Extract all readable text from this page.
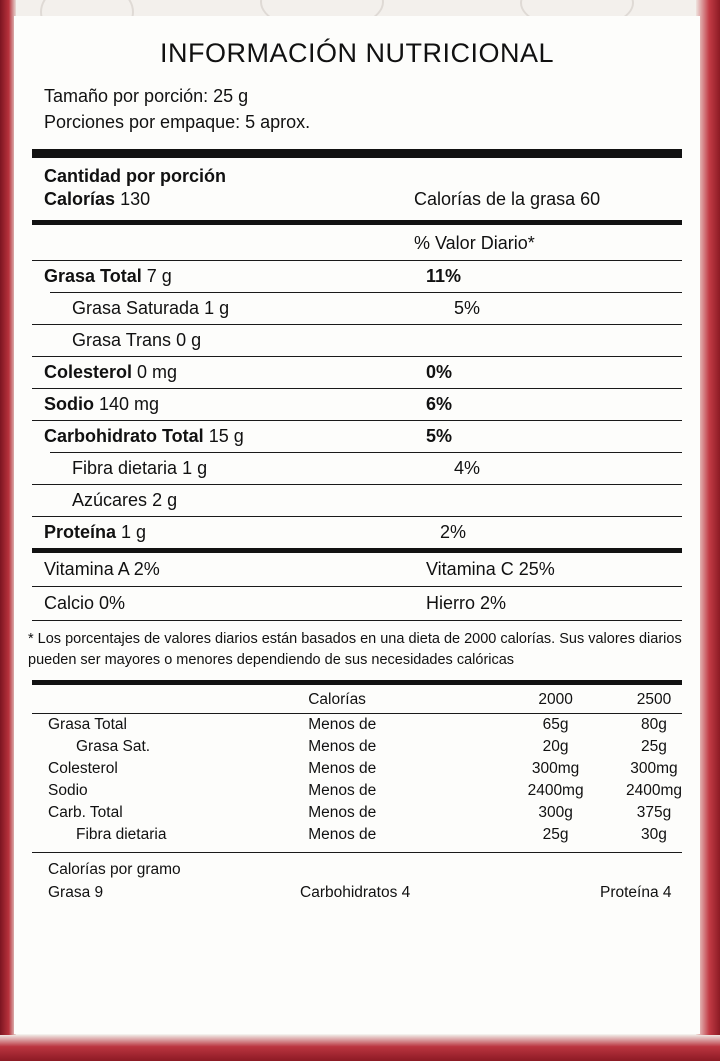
INFORMACIÓN NUTRICIONAL
Tamaño por porción: 25 g
Porciones por empaque: 5 aprox.
Cantidad por porción
Calorías 130	Calorías de la grasa 60
% Valor Diario*
Grasa Total 7 g	11%
Grasa Saturada 1 g	5%
Grasa Trans 0 g
Colesterol 0 mg	0%
Sodio 140 mg	6%
Carbohidrato Total 15 g	5%
Fibra dietaria 1 g	4%
Azúcares 2 g
Proteína 1 g	2%
Vitamina A 2%	Vitamina C 25%
Calcio 0%	Hierro 2%
* Los porcentajes de valores diarios están basados en una dieta de 2000 calorías. Sus valores diarios pueden ser mayores o menores dependiendo de sus necesidades calóricas
	Calorías	2000	2500
Grasa Total	Menos de	65g	80g
Grasa Sat.	Menos de	20g	25g
Colesterol	Menos de	300mg	300mg
Sodio	Menos de	2400mg	2400mg
Carb. Total	Menos de	300g	375g
Fibra dietaria	Menos de	25g	30g
Calorías por gramo
Grasa 9	Carbohidratos 4	Proteína 4
